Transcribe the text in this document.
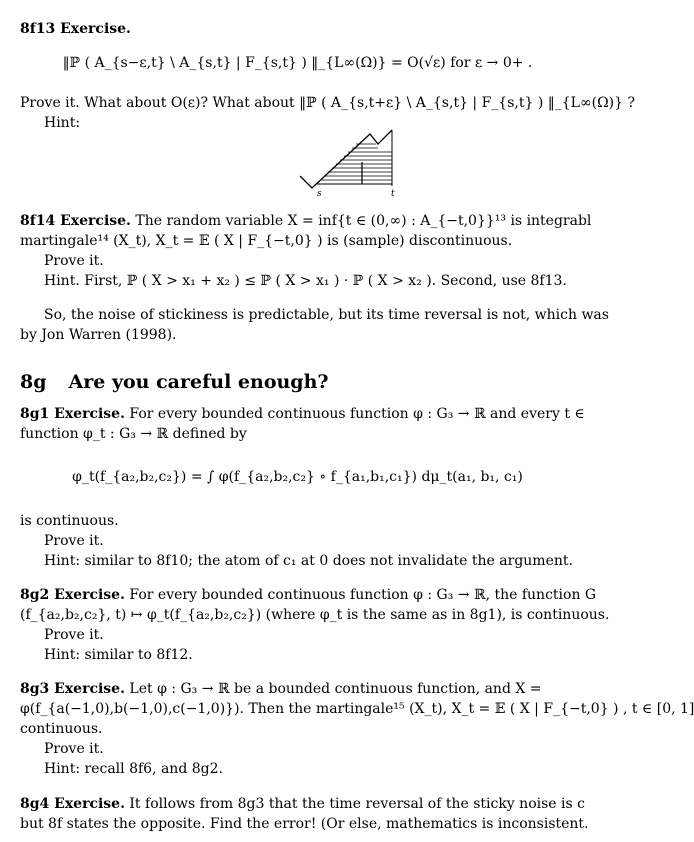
8f13 Exercise.
‖ℙ ( A_{s−ε,t} \ A_{s,t} | F_{s,t} ) ‖_{L∞(Ω)} = O(√ε) for ε → 0+ .
Prove it. What about O(ε)? What about ‖ℙ ( A_{s,t+ε} \ A_{s,t} | F_{s,t} ) ‖_{L∞(Ω)} ?
Hint:
s	t
8f14 Exercise. The random variable X = inf{t ∈ (0,∞) : A_{−t,0}}¹³ is integrabl
martingale¹⁴ (X_t), X_t = 𝔼 ( X | F_{−t,0} ) is (sample) discontinuous.
Prove it.
Hint. First, ℙ ( X > x₁ + x₂ ) ≤ ℙ ( X > x₁ ) · ℙ ( X > x₂ ). Second, use 8f13.
So, the noise of stickiness is predictable, but its time reversal is not, which was
by Jon Warren (1998).
8g Are you careful enough?
8g1 Exercise. For every bounded continuous function φ : G₃ → ℝ and every t ∈
function φ_t : G₃ → ℝ defined by
φ_t(f_{a₂,b₂,c₂}) = ∫ φ(f_{a₂,b₂,c₂} ∘ f_{a₁,b₁,c₁}) dμ_t(a₁, b₁, c₁)
is continuous.
Prove it.
Hint: similar to 8f10; the atom of c₁ at 0 does not invalidate the argument.
8g2 Exercise. For every bounded continuous function φ : G₃ → ℝ, the function G
(f_{a₂,b₂,c₂}, t) ↦ φ_t(f_{a₂,b₂,c₂}) (where φ_t is the same as in 8g1), is continuous.
Prove it.
Hint: similar to 8f12.
8g3 Exercise. Let φ : G₃ → ℝ be a bounded continuous function, and X =
φ(f_{a(−1,0),b(−1,0),c(−1,0)}). Then the martingale¹⁵ (X_t), X_t = 𝔼 ( X | F_{−t,0} ) , t ∈ [0, 1]
continuous.
Prove it.
Hint: recall 8f6, and 8g2.
8g4 Exercise. It follows from 8g3 that the time reversal of the sticky noise is c
but 8f states the opposite. Find the error! (Or else, mathematics is inconsistent.
